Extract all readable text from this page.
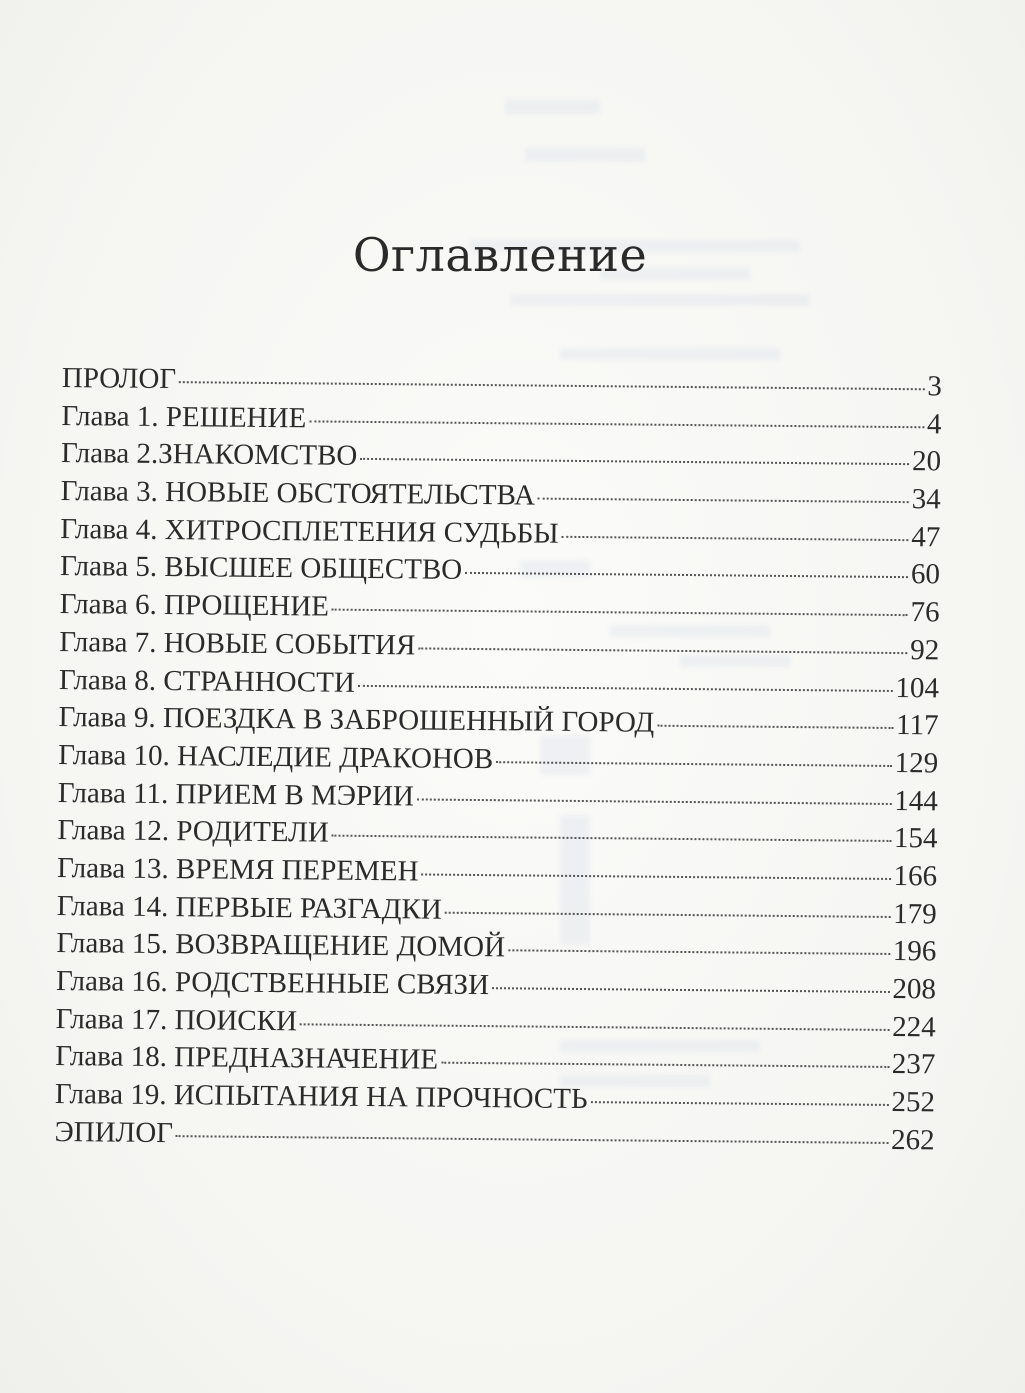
Оглавление
ПРОЛОГ	3
Глава 1. РЕШЕНИЕ	4
Глава 2.ЗНАКОМСТВО	20
Глава 3. НОВЫЕ ОБСТОЯТЕЛЬСТВА	34
Глава 4. ХИТРОСПЛЕТЕНИЯ СУДЬБЫ	47
Глава 5. ВЫСШЕЕ ОБЩЕСТВО	60
Глава 6. ПРОЩЕНИЕ	76
Глава 7. НОВЫЕ СОБЫТИЯ	92
Глава 8. СТРАННОСТИ	104
Глава 9. ПОЕЗДКА В ЗАБРОШЕННЫЙ ГОРОД	117
Глава 10. НАСЛЕДИЕ ДРАКОНОВ	129
Глава 11. ПРИЕМ В МЭРИИ	144
Глава 12. РОДИТЕЛИ	154
Глава 13. ВРЕМЯ ПЕРЕМЕН	166
Глава 14. ПЕРВЫЕ РАЗГАДКИ	179
Глава 15. ВОЗВРАЩЕНИЕ ДОМОЙ	196
Глава 16. РОДСТВЕННЫЕ СВЯЗИ	208
Глава 17. ПОИСКИ	224
Глава 18. ПРЕДНАЗНАЧЕНИЕ	237
Глава 19. ИСПЫТАНИЯ НА ПРОЧНОСТЬ	252
ЭПИЛОГ	262
